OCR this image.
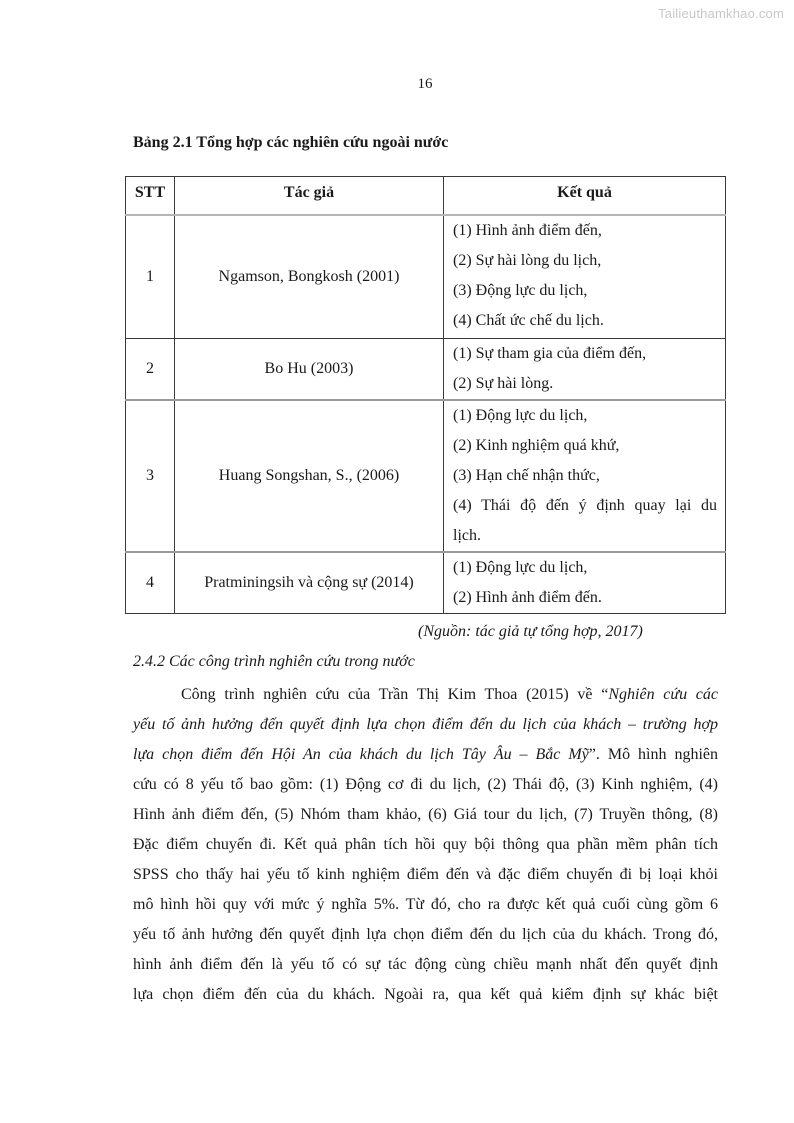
Tailieuthamkhao.com
16
Bảng 2.1 Tổng hợp các nghiên cứu ngoài nước
STT	Tác giả	Kết quả
1	Ngamson, Bongkosh (2001)	(1) Hình ảnh điểm đến,
(2) Sự hài lòng du lịch,
(3) Động lực du lịch,
(4) Chất ức chế du lịch.

2	Bo Hu (2003)	(1) Sự tham gia của điểm đến,
(2) Sự hài lòng.

3	Huang Songshan, S., (2006)	(1) Động lực du lịch,
(2) Kinh nghiệm quá khứ,
(3) Hạn chế nhận thức,
(4) Thái độ đến ý định quay lại du
lịch.

4	Pratminingsih và cộng sự (2014)	(1) Động lực du lịch,
(2) Hình ảnh điểm đến.
(Nguồn: tác giả tự tổng hợp, 2017)
2.4.2 Các công trình nghiên cứu trong nước
Công trình nghiên cứu của Trần Thị Kim Thoa (2015) về “Nghiên cứu các
yếu tố ảnh hưởng đến quyết định lựa chọn điểm đến du lịch của khách – trường hợp
lựa chọn điểm đến Hội An của khách du lịch Tây Âu – Bắc Mỹ”. Mô hình nghiên
cứu có 8 yếu tố bao gồm: (1) Động cơ đi du lịch, (2) Thái độ, (3) Kinh nghiệm, (4)
Hình ảnh điểm đến, (5) Nhóm tham khảo, (6) Giá tour du lịch, (7) Truyền thông, (8)
Đặc điểm chuyến đi. Kết quả phân tích hồi quy bội thông qua phần mềm phân tích
SPSS cho thấy hai yếu tố kinh nghiệm điểm đến và đặc điểm chuyến đi bị loại khỏi
mô hình hồi quy với mức ý nghĩa 5%. Từ đó, cho ra được kết quả cuối cùng gồm 6
yếu tố ảnh hưởng đến quyết định lựa chọn điểm đến du lịch của du khách. Trong đó,
hình ảnh điểm đến là yếu tố có sự tác động cùng chiều mạnh nhất đến quyết định
lựa chọn điểm đến của du khách. Ngoài ra, qua kết quả kiểm định sự khác biệt
